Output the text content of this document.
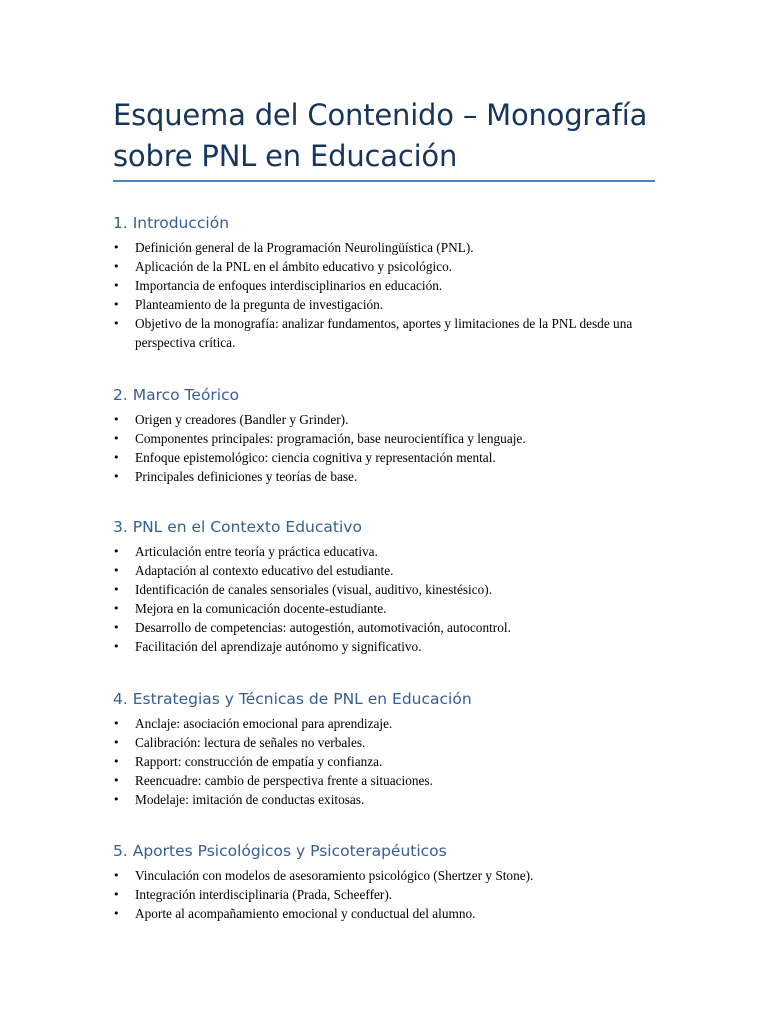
Esquema del Contenido – Monografía sobre PNL en Educación
1. Introducción
•	Definición general de la Programación Neurolingüística (PNL).
•	Aplicación de la PNL en el ámbito educativo y psicológico.
•	Importancia de enfoques interdisciplinarios en educación.
•	Planteamiento de la pregunta de investigación.
•	Objetivo de la monografía: analizar fundamentos, aportes y limitaciones de la PNL desde una perspectiva crítica.
2. Marco Teórico
•	Origen y creadores (Bandler y Grinder).
•	Componentes principales: programación, base neurocientífica y lenguaje.
•	Enfoque epistemológico: ciencia cognitiva y representación mental.
•	Principales definiciones y teorías de base.
3. PNL en el Contexto Educativo
•	Articulación entre teoría y práctica educativa.
•	Adaptación al contexto educativo del estudiante.
•	Identificación de canales sensoriales (visual, auditivo, kinestésico).
•	Mejora en la comunicación docente-estudiante.
•	Desarrollo de competencias: autogestión, automotivación, autocontrol.
•	Facilitación del aprendizaje autónomo y significativo.
4. Estrategias y Técnicas de PNL en Educación
•	Anclaje: asociación emocional para aprendizaje.
•	Calibración: lectura de señales no verbales.
•	Rapport: construcción de empatía y confianza.
•	Reencuadre: cambio de perspectiva frente a situaciones.
•	Modelaje: imitación de conductas exitosas.
5. Aportes Psicológicos y Psicoterapéuticos
•	Vinculación con modelos de asesoramiento psicológico (Shertzer y Stone).
•	Integración interdisciplinaria (Prada, Scheeffer).
•	Aporte al acompañamiento emocional y conductual del alumno.
